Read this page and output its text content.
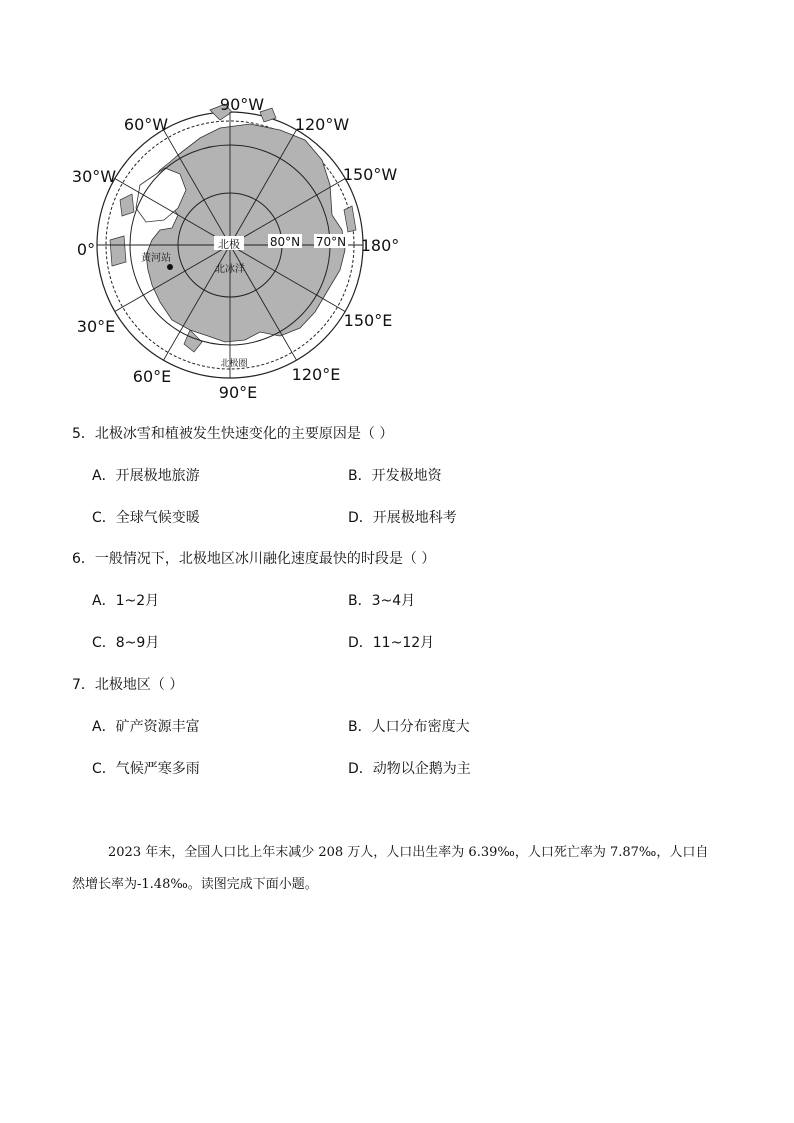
90°W
120°W
60°W
150°W
30°W
180°
0°
150°E
30°E
120°E
60°E
90°E
80°N 70°N
北极
北冰洋
黄河站
北极圈
5．北极冰雪和植被发生快速变化的主要原因是（ ）
A．开展极地旅游	B．开发极地资
C．全球气候变暖	D．开展极地科考
6．一般情况下，北极地区冰川融化速度最快的时段是（ ）
A．1~2月	B．3~4月
C．8~9月	D．11~12月
7．北极地区（ ）
A．矿产资源丰富	B．人口分布密度大
C．气候严寒多雨	D．动物以企鹅为主
2023 年末，全国人口比上年末减少 208 万人，人口出生率为 6.39‰，人口死亡率为 7.87‰，人口自
然增长率为-1.48‰。读图完成下面小题。
